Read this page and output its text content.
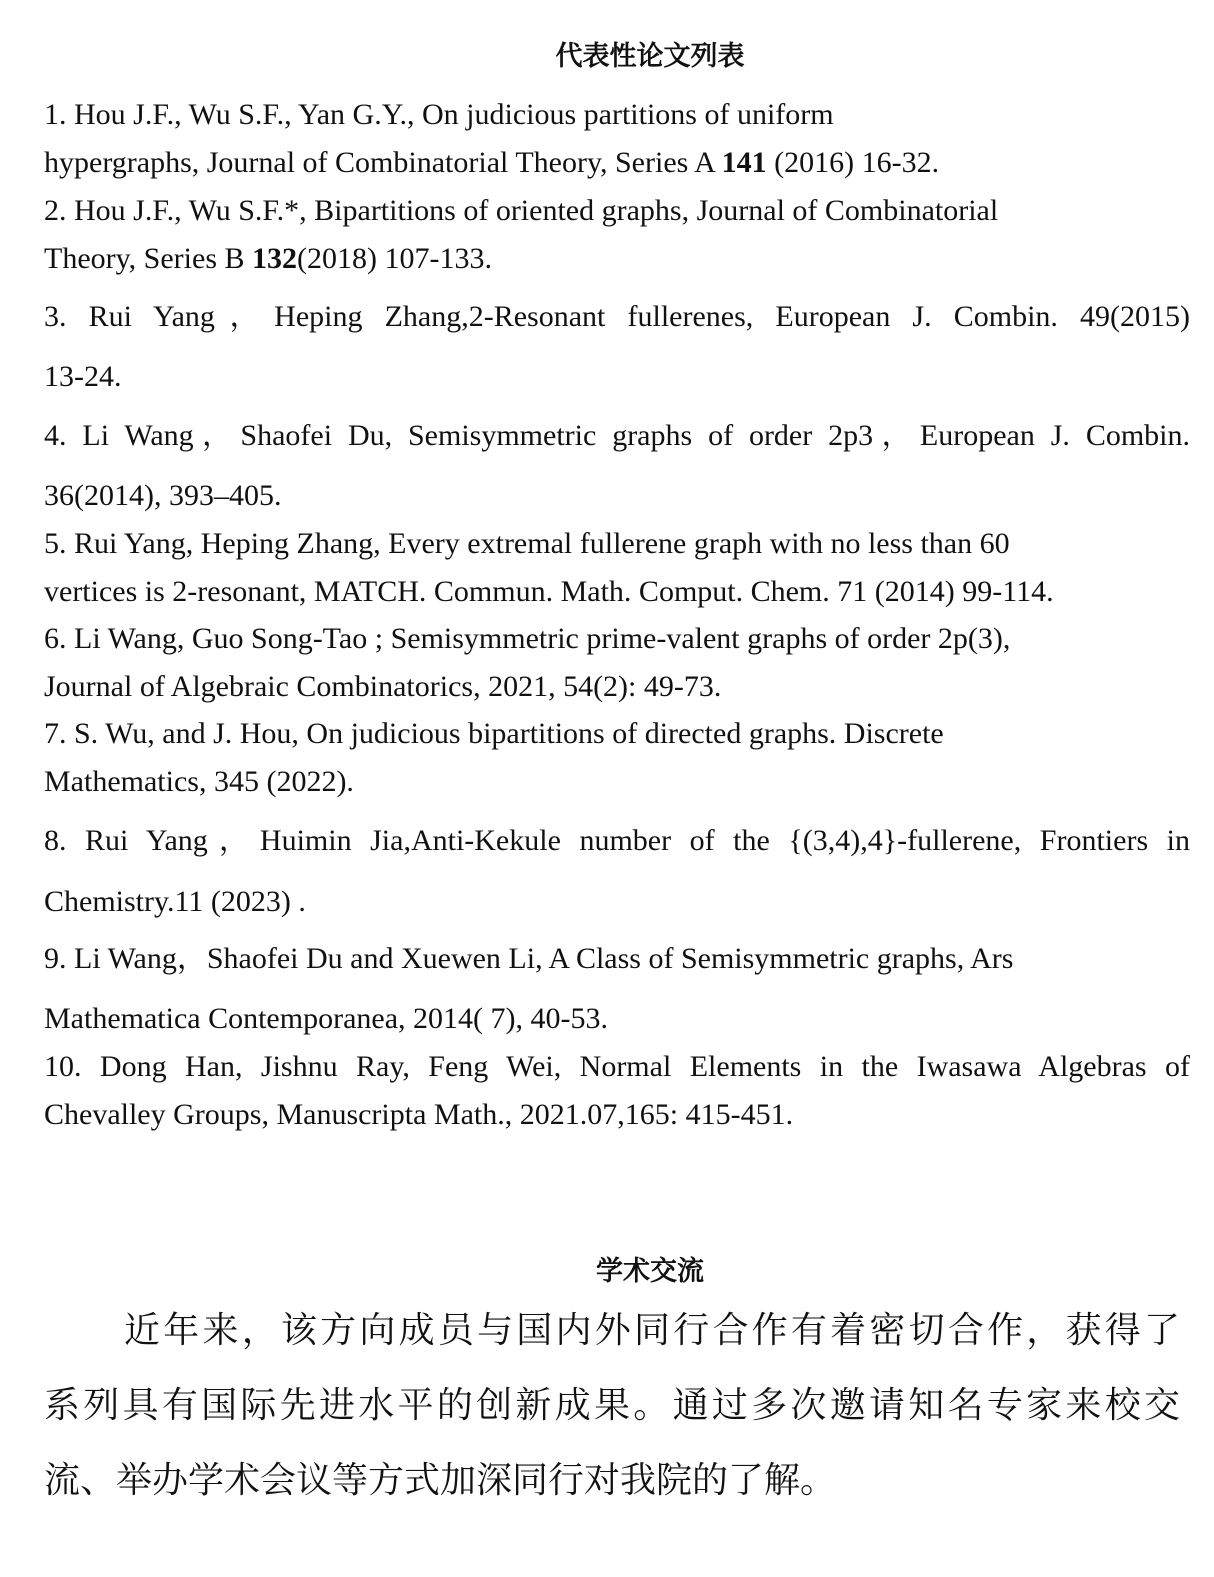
代表性论文列表
1. Hou J.F., Wu S.F., Yan G.Y., On judicious partitions of uniform
hypergraphs, Journal of Combinatorial Theory, Series A 141 (2016) 16-32.
2. Hou J.F., Wu S.F.*, Bipartitions of oriented graphs, Journal of Combinatorial
Theory, Series B 132(2018) 107-133.
3. Rui Yang，Heping Zhang,2-Resonant fullerenes, European J. Combin. 49(2015)
13-24.
4. Li Wang，Shaofei Du, Semisymmetric graphs of order 2p3，European J. Combin.
36(2014), 393–405.
5. Rui Yang, Heping Zhang, Every extremal fullerene graph with no less than 60
vertices is 2-resonant, MATCH. Commun. Math. Comput. Chem. 71 (2014) 99-114.
6. Li Wang, Guo Song-Tao ; Semisymmetric prime-valent graphs of order 2p(3),
Journal of Algebraic Combinatorics, 2021, 54(2): 49-73.
7. S. Wu, and J. Hou, On judicious bipartitions of directed graphs. Discrete
Mathematics, 345 (2022).
8. Rui Yang，Huimin Jia,Anti-Kekule number of the {(3,4),4}-fullerene, Frontiers in
Chemistry.11 (2023) .
9. Li Wang，Shaofei Du and Xuewen Li, A Class of Semisymmetric graphs, Ars
Mathematica Contemporanea, 2014( 7), 40-53.
10. Dong Han, Jishnu Ray, Feng Wei, Normal Elements in the Iwasawa Algebras of
Chevalley Groups, Manuscripta Math., 2021.07,165: 415-451.
学术交流
近年来，该方向成员与国内外同行合作有着密切合作，获得了
系列具有国际先进水平的创新成果。通过多次邀请知名专家来校交
流、举办学术会议等方式加深同行对我院的了解。
